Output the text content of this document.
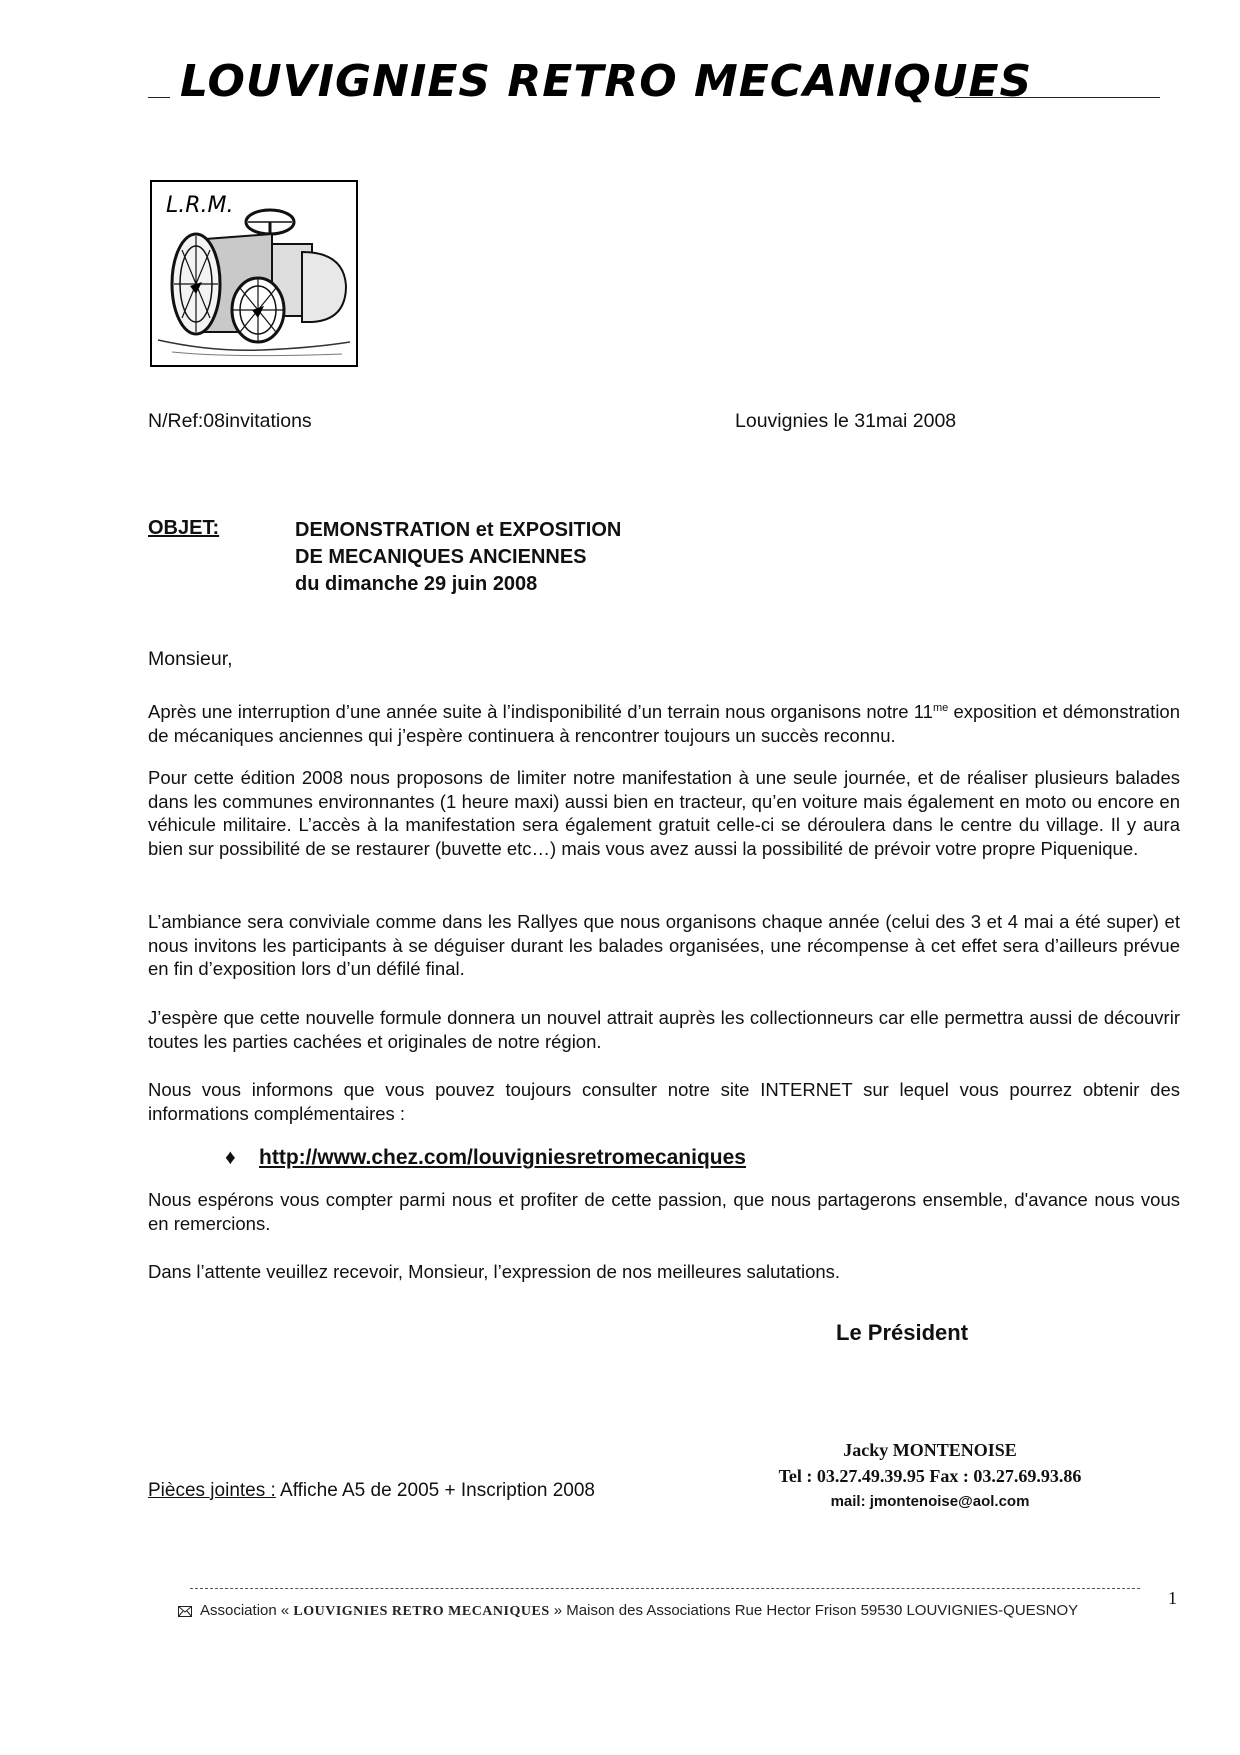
LOUVIGNIES RETRO MECANIQUES
L.R.M.
N/Ref:08invitations	Louvignies le 31mai 2008
OBJET:	DEMONSTRATION et EXPOSITION
DE MECANIQUES ANCIENNES
du dimanche 29 juin 2008
Monsieur,
Après une interruption d’une année suite à l’indisponibilité d’un terrain nous organisons notre $11^{me}$ exposition et démonstration de mécaniques anciennes qui j’espère continuera à rencontrer toujours un succès reconnu.
Pour cette édition 2008 nous proposons de limiter notre manifestation à une seule journée, et de réaliser plusieurs balades dans les communes environnantes (1 heure maxi) aussi bien en tracteur, qu’en voiture mais également en moto ou encore en véhicule militaire. L’accès à la manifestation sera également gratuit celle-ci se déroulera dans le centre du village. Il y aura bien sur possibilité de se restaurer (buvette etc…) mais vous avez aussi la possibilité de prévoir votre propre Piquenique.
L’ambiance sera conviviale comme dans les Rallyes que nous organisons chaque année (celui des 3 et 4 mai a été super) et nous invitons les participants à se déguiser durant les balades organisées, une récompense à cet effet sera d’ailleurs prévue en fin d’exposition lors d’un défilé final.
J’espère que cette nouvelle formule donnera un nouvel attrait auprès les collectionneurs car elle permettra aussi de découvrir toutes les parties cachées et originales de notre région.
Nous vous informons que vous pouvez toujours consulter notre site INTERNET sur lequel vous pourrez obtenir des informations complémentaires :
♦ http://www.chez.com/louvigniesretromecaniques
Nous espérons vous compter parmi nous et profiter de cette passion, que nous partagerons ensemble, d'avance nous vous en remercions.
Dans l’attente veuillez recevoir, Monsieur, l’expression de nos meilleures salutations.
Le Président
Jacky MONTENOISE
Tel : 03.27.49.39.95 Fax : 03.27.69.93.86
mail: jmontenoise@aol.com
Pièces jointes : Affiche A5 de 2005 + Inscription 2008
1
Association « LOUVIGNIES RETRO MECANIQUES » Maison des Associations Rue Hector Frison 59530 LOUVIGNIES-QUESNOY
